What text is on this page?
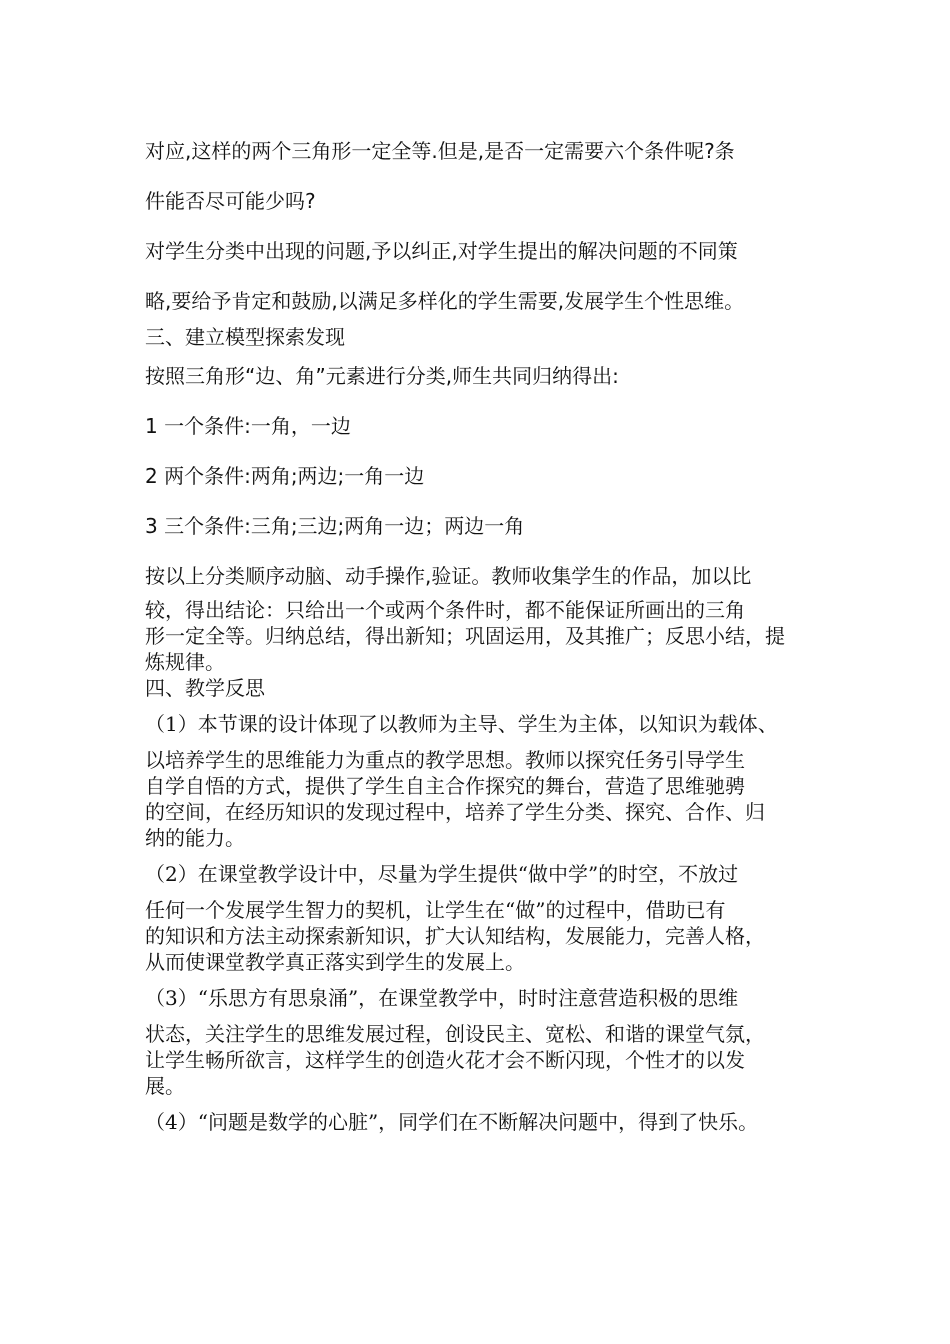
对应,这样的两个三角形一定全等.但是,是否一定需要六个条件呢?条
件能否尽可能少吗?
对学生分类中出现的问题,予以纠正,对学生提出的解决问题的不同策
略,要给予肯定和鼓励,以满足多样化的学生需要,发展学生个性思维。
三、建立模型探索发现
按照三角形“边、角”元素进行分类,师生共同归纳得出:
1 一个条件:一角，一边
2 两个条件:两角;两边;一角一边
3 三个条件:三角;三边;两角一边；两边一角
按以上分类顺序动脑、动手操作,验证。教师收集学生的作品，加以比
较，得出结论：只给出一个或两个条件时，都不能保证所画出的三角
形一定全等。归纳总结，得出新知；巩固运用，及其推广；反思小结，提
炼规律。
四、教学反思
（1）本节课的设计体现了以教师为主导、学生为主体，以知识为载体、
以培养学生的思维能力为重点的教学思想。教师以探究任务引导学生
自学自悟的方式，提供了学生自主合作探究的舞台，营造了思维驰骋
的空间，在经历知识的发现过程中，培养了学生分类、探究、合作、归
纳的能力。
（2）在课堂教学设计中，尽量为学生提供“做中学”的时空，不放过
任何一个发展学生智力的契机，让学生在“做”的过程中，借助已有
的知识和方法主动探索新知识，扩大认知结构，发展能力，完善人格，
从而使课堂教学真正落实到学生的发展上。
（3）“乐思方有思泉涌”，在课堂教学中，时时注意营造积极的思维
状态，关注学生的思维发展过程，创设民主、宽松、和谐的课堂气氛，
让学生畅所欲言，这样学生的创造火花才会不断闪现，个性才的以发
展。
（4）“问题是数学的心脏”，同学们在不断解决问题中，得到了快乐。
